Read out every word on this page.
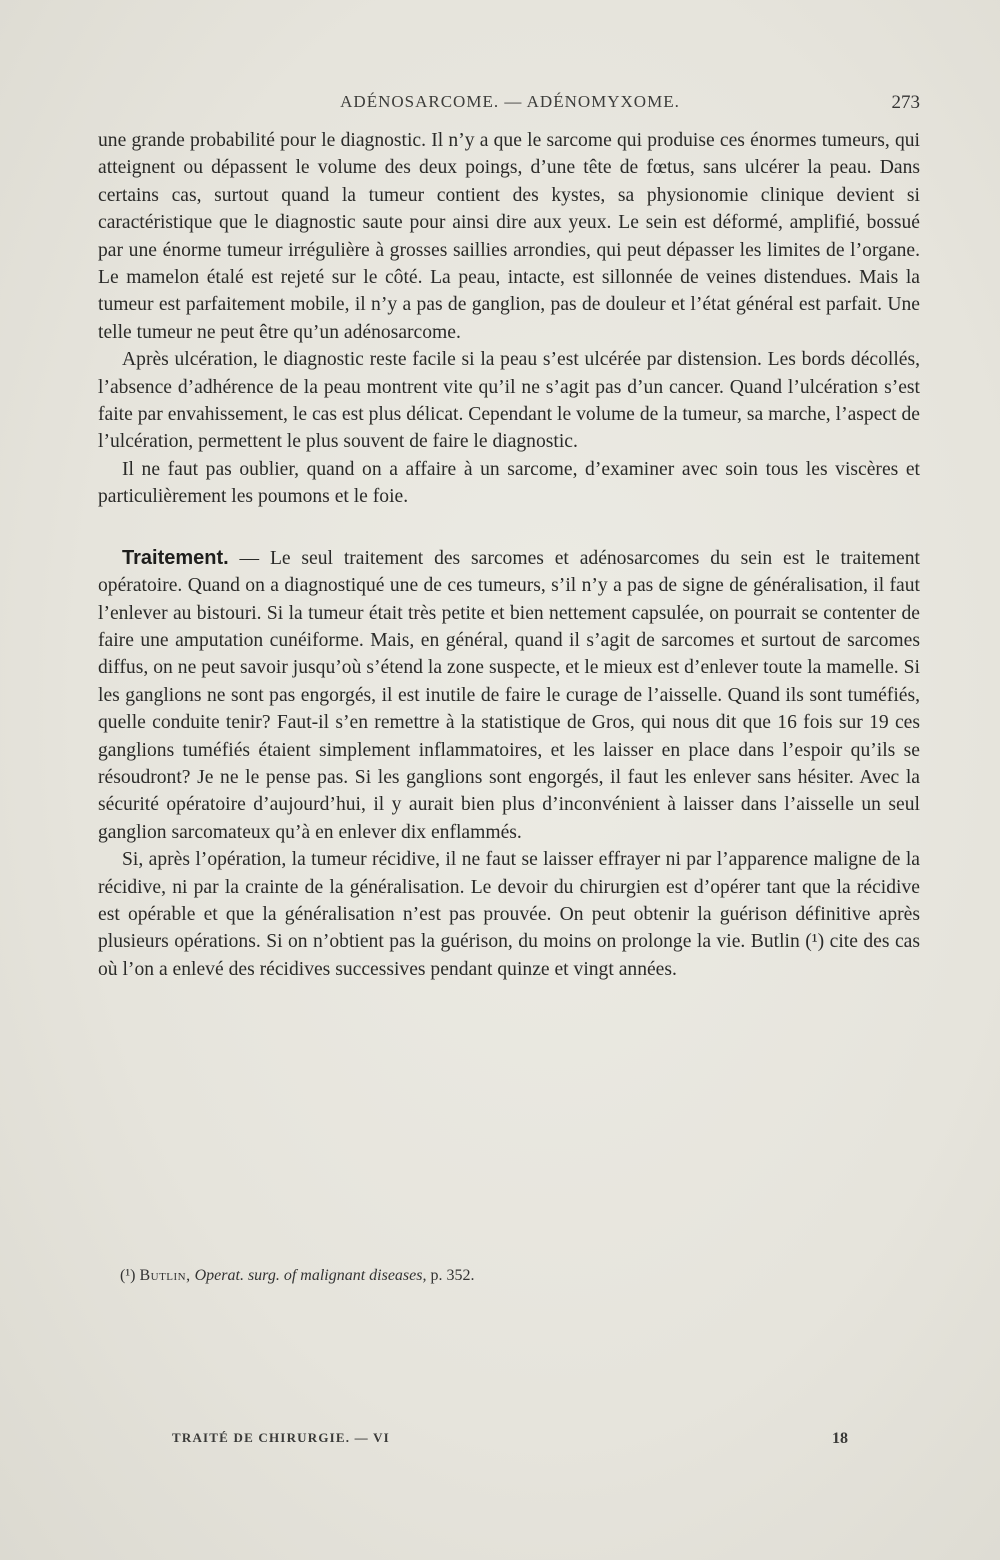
ADÉNOSARCOME. — ADÉNOMYXOME.	273

une grande probabilité pour le diagnostic. Il n’y a que le sarcome qui produise ces énormes tumeurs, qui atteignent ou dépassent le volume des deux poings, d’une tête de fœtus, sans ulcérer la peau. Dans certains cas, surtout quand la tumeur contient des kystes, sa physionomie clinique devient si caractéristique que le diagnostic saute pour ainsi dire aux yeux. Le sein est déformé, amplifié, bossué par une énorme tumeur irrégulière à grosses saillies arrondies, qui peut dépasser les limites de l’organe. Le mamelon étalé est rejeté sur le côté. La peau, intacte, est sillonnée de veines distendues. Mais la tumeur est parfaitement mobile, il n’y a pas de ganglion, pas de douleur et l’état général est parfait. Une telle tumeur ne peut être qu’un adénosarcome.

Après ulcération, le diagnostic reste facile si la peau s’est ulcérée par distension. Les bords décollés, l’absence d’adhérence de la peau montrent vite qu’il ne s’agit pas d’un cancer. Quand l’ulcération s’est faite par envahissement, le cas est plus délicat. Cependant le volume de la tumeur, sa marche, l’aspect de l’ulcération, permettent le plus souvent de faire le diagnostic.

Il ne faut pas oublier, quand on a affaire à un sarcome, d’examiner avec soin tous les viscères et particulièrement les poumons et le foie.

Traitement. — Le seul traitement des sarcomes et adénosarcomes du sein est le traitement opératoire. Quand on a diagnostiqué une de ces tumeurs, s’il n’y a pas de signe de généralisation, il faut l’enlever au bistouri. Si la tumeur était très petite et bien nettement capsulée, on pourrait se contenter de faire une amputation cunéiforme. Mais, en général, quand il s’agit de sarcomes et surtout de sarcomes diffus, on ne peut savoir jusqu’où s’étend la zone suspecte, et le mieux est d’enlever toute la mamelle. Si les ganglions ne sont pas engorgés, il est inutile de faire le curage de l’aisselle. Quand ils sont tuméfiés, quelle conduite tenir? Faut-il s’en remettre à la statistique de Gros, qui nous dit que 16 fois sur 19 ces ganglions tuméfiés étaient simplement inflammatoires, et les laisser en place dans l’espoir qu’ils se résoudront? Je ne le pense pas. Si les ganglions sont engorgés, il faut les enlever sans hésiter. Avec la sécurité opératoire d’aujourd’hui, il y aurait bien plus d’inconvénient à laisser dans l’aisselle un seul ganglion sarcomateux qu’à en enlever dix enflammés.

Si, après l’opération, la tumeur récidive, il ne faut se laisser effrayer ni par l’apparence maligne de la récidive, ni par la crainte de la généralisation. Le devoir du chirurgien est d’opérer tant que la récidive est opérable et que la généralisation n’est pas prouvée. On peut obtenir la guérison définitive après plusieurs opérations. Si on n’obtient pas la guérison, du moins on prolonge la vie. Butlin (¹) cite des cas où l’on a enlevé des récidives successives pendant quinze et vingt années.

(¹) Butlin, Operat. surg. of malignant diseases, p. 352.
TRAITÉ DE CHIRURGIE. — VI	18
